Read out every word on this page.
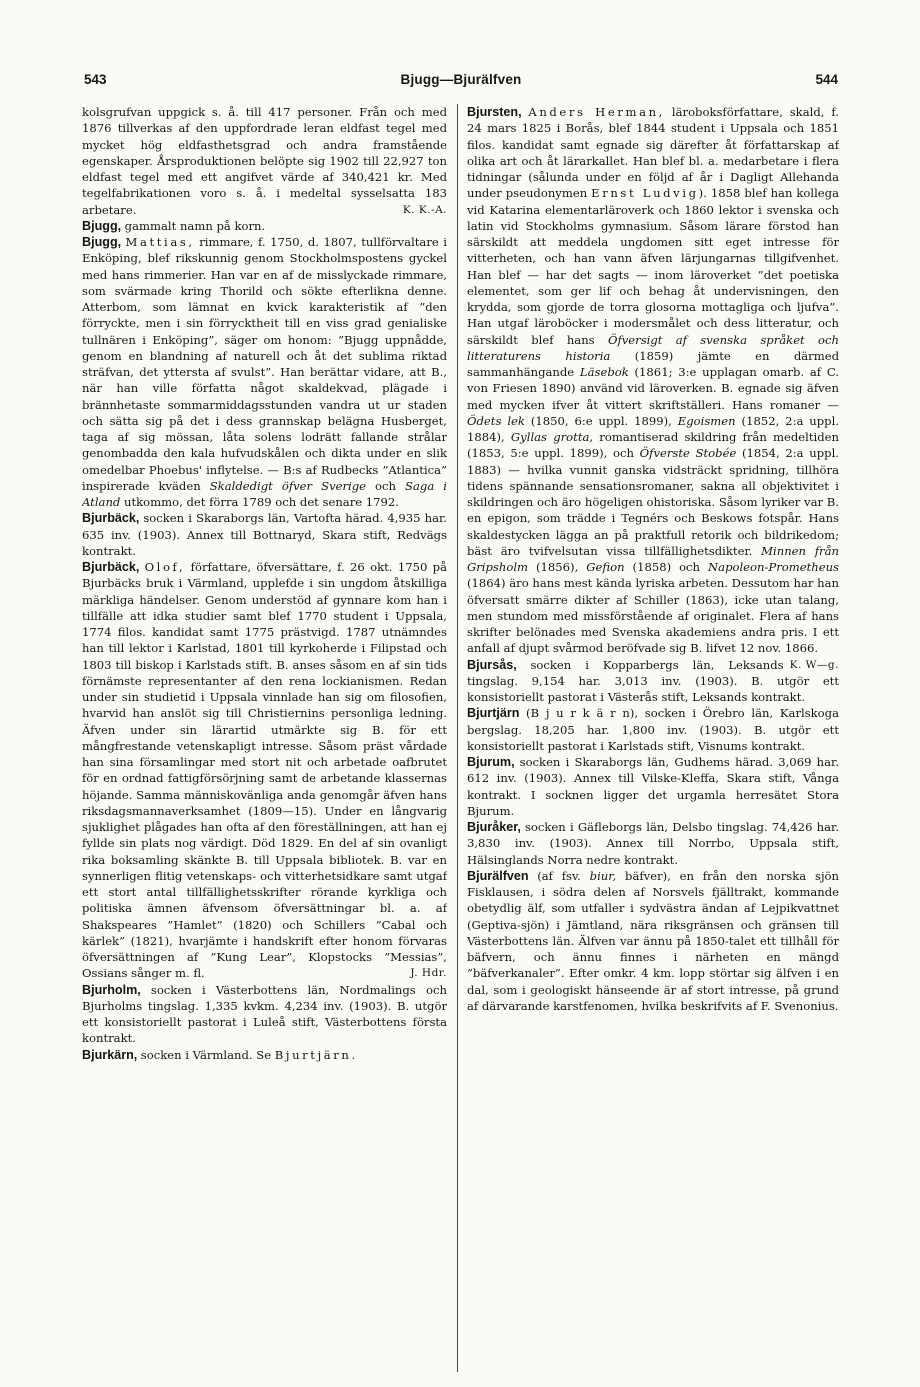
543	Bjugg—Bjurälfven	544

kolsgrufvan uppgick s. å. till 417 personer. Från och med 1876 tillverkas af den uppfordrade leran eldfast tegel med mycket hög eldfasthetsgrad och andra framstående egenskaper. Årsproduktionen belöpte sig 1902 till 22,927 ton eldfast tegel med ett angifvet värde af 340,421 kr. Med tegelfabrikationen voro s. å. i medeltal sysselsatta 183 arbetare.	K. K.-A.

Bjugg, gammalt namn på korn.

Bjugg, Mattias, rimmare, f. 1750, d. 1807, tullförvaltare i Enköping, blef rikskunnig genom Stockholmspostens gyckel med hans rimmerier. Han var en af de misslyckade rimmare, som svärmade kring Thorild och sökte efterlikna denne. Atterbom, som lämnat en kvick karakteristik af ”den förryckte, men i sin förrycktheit till en viss grad genialiske tullnären i Enköping”, säger om honom: ”Bjugg uppnådde, genom en blandning af naturell och åt det sublima riktad sträfvan, det yttersta af svulst”. Han berättar vidare, att B., när han ville författa något skaldekvad, plägade i brännhetaste sommarmiddagsstunden vandra ut ur staden och sätta sig på det i dess grannskap belägna Husberget, taga af sig mössan, låta solens lodrätt fallande strålar genombadda den kala hufvudskålen och dikta under en slik omedelbar Phoebus' inflytelse. — B:s af Rudbecks ”Atlantica” inspirerade kväden Skaldedigt öfver Sverige och Saga i Atland utkommo, det förra 1789 och det senare 1792.

Bjurbäck, socken i Skaraborgs län, Vartofta härad. 4,935 har. 635 inv. (1903). Annex till Bottnaryd, Skara stift, Redvägs kontrakt.

Bjurbäck, Olof, författare, öfversättare, f. 26 okt. 1750 på Bjurbäcks bruk i Värmland, upplefde i sin ungdom åtskilliga märkliga händelser. Genom understöd af gynnare kom han i tillfälle att idka studier samt blef 1770 student i Uppsala, 1774 filos. kandidat samt 1775 prästvigd. 1787 utnämndes han till lektor i Karlstad, 1801 till kyrkoherde i Filipstad och 1803 till biskop i Karlstads stift. B. anses såsom en af sin tids förnämste representanter af den rena lockianismen. Redan under sin studietid i Uppsala vinnlade han sig om filosofien, hvarvid han anslöt sig till Christiernins personliga ledning. Äfven under sin lärartid utmärkte sig B. för ett mångfrestande vetenskapligt intresse. Såsom präst vårdade han sina församlingar med stort nit och arbetade oafbrutet för en ordnad fattigförsörjning samt de arbetande klassernas höjande. Samma människovänliga anda genomgår äfven hans riksdagsmannaverksamhet (1809—15). Under en långvarig sjuklighet plågades han ofta af den föreställningen, att han ej fyllde sin plats nog värdigt. Död 1829. En del af sin ovanligt rika boksamling skänkte B. till Uppsala bibliotek. B. var en synnerligen flitig vetenskaps- och vitterhetsidkare samt utgaf ett stort antal tillfällighetsskrifter rörande kyrkliga och politiska ämnen äfvensom öfversättningar bl. a. af Shakspeares ”Hamlet” (1820) och Schillers ”Cabal och kärlek” (1821), hvarjämte i handskrift efter honom förvaras öfversättningen af ”Kung Lear”, Klopstocks ”Messias”, Ossians sånger m. fl.	J. Hdr.

Bjurholm, socken i Västerbottens län, Nordmalings och Bjurholms tingslag. 1,335 kvkm. 4,234 inv. (1903). B. utgör ett konsistoriellt pastorat i Luleå stift, Västerbottens första kontrakt.

Bjurkärn, socken i Värmland. Se Bjurtjärn.

Bjursten, Anders Herman, läroboksförfattare, skald, f. 24 mars 1825 i Borås, blef 1844 student i Uppsala och 1851 filos. kandidat samt egnade sig därefter åt författarskap af olika art och åt lärarkallet. Han blef bl. a. medarbetare i flera tidningar (sålunda under en följd af år i Dagligt Allehanda under pseudonymen Ernst Ludvig). 1858 blef han kollega vid Katarina elementarläroverk och 1860 lektor i svenska och latin vid Stockholms gymnasium. Såsom lärare förstod han särskildt att meddela ungdomen sitt eget intresse för vitterheten, och han vann äfven lärjungarnas tillgifvenhet. Han blef — har det sagts — inom läroverket ”det poetiska elementet, som ger lif och behag åt undervisningen, den krydda, som gjorde de torra glosorna mottagliga och ljufva”. Han utgaf läroböcker i modersmålet och dess litteratur, och särskildt blef hans Öfversigt af svenska språket och litteraturens historia (1859) jämte en därmed sammanhängande Läsebok (1861; 3:e upplagan omarb. af C. von Friesen 1890) använd vid läroverken. B. egnade sig äfven med mycken ifver åt vittert skriftställeri. Hans romaner — Ödets lek (1850, 6:e uppl. 1899), Egoismen (1852, 2:a uppl. 1884), Gyllas grotta, romantiserad skildring från medeltiden (1853, 5:e uppl. 1899), och Öfverste Stobée (1854, 2:a uppl. 1883) — hvilka vunnit ganska vidsträckt spridning, tillhöra tidens spännande sensationsromaner, sakna all objektivitet i skildringen och äro högeligen ohistoriska. Såsom lyriker var B. en epigon, som trädde i Tegnérs och Beskows fotspår. Hans skaldestycken lägga an på praktfull retorik och bildrikedom; bäst äro tvifvelsutan vissa tillfällighetsdikter. Minnen från Gripsholm (1856), Gefion (1858) och Napoleon-Prometheus (1864) äro hans mest kända lyriska arbeten. Dessutom har han öfversatt smärre dikter af Schiller (1863), icke utan talang, men stundom med missförstående af originalet. Flera af hans skrifter belönades med Svenska akademiens andra pris. I ett anfall af djupt svårmod beröfvade sig B. lifvet 12 nov. 1866.
K. W—g.

Bjursås, socken i Kopparbergs län, Leksands tingslag. 9,154 har. 3,013 inv. (1903). B. utgör ett konsistoriellt pastorat i Västerås stift, Leksands kontrakt.

Bjurtjärn (B j u r k ä r n), socken i Örebro län, Karlskoga bergslag. 18,205 har. 1,800 inv. (1903). B. utgör ett konsistoriellt pastorat i Karlstads stift, Visnums kontrakt.

Bjurum, socken i Skaraborgs län, Gudhems härad. 3,069 har. 612 inv. (1903). Annex till Vilske-Kleffa, Skara stift, Vånga kontrakt. I socknen ligger det urgamla herresätet Stora Bjurum.

Bjuråker, socken i Gäfleborgs län, Delsbo tingslag. 74,426 har. 3,830 inv. (1903). Annex till Norrbo, Uppsala stift, Hälsinglands Norra nedre kontrakt.

Bjurälfven (af fsv. biur, bäfver), en från den norska sjön Fisklausen, i södra delen af Norsvels fjälltrakt, kommande obetydlig älf, som utfaller i sydvästra ändan af Lejpikvattnet (Geptiva-sjön) i Jämtland, nära riksgränsen och gränsen till Västerbottens län. Älfven var ännu på 1850-talet ett tillhåll för bäfvern, och ännu finnes i närheten en mängd ”bäfverkanaler”. Efter omkr. 4 km. lopp störtar sig älfven i en dal, som i geologiskt hänseende är af stort intresse, på grund af därvarande karstfenomen, hvilka beskrifvits af F. Svenonius.
